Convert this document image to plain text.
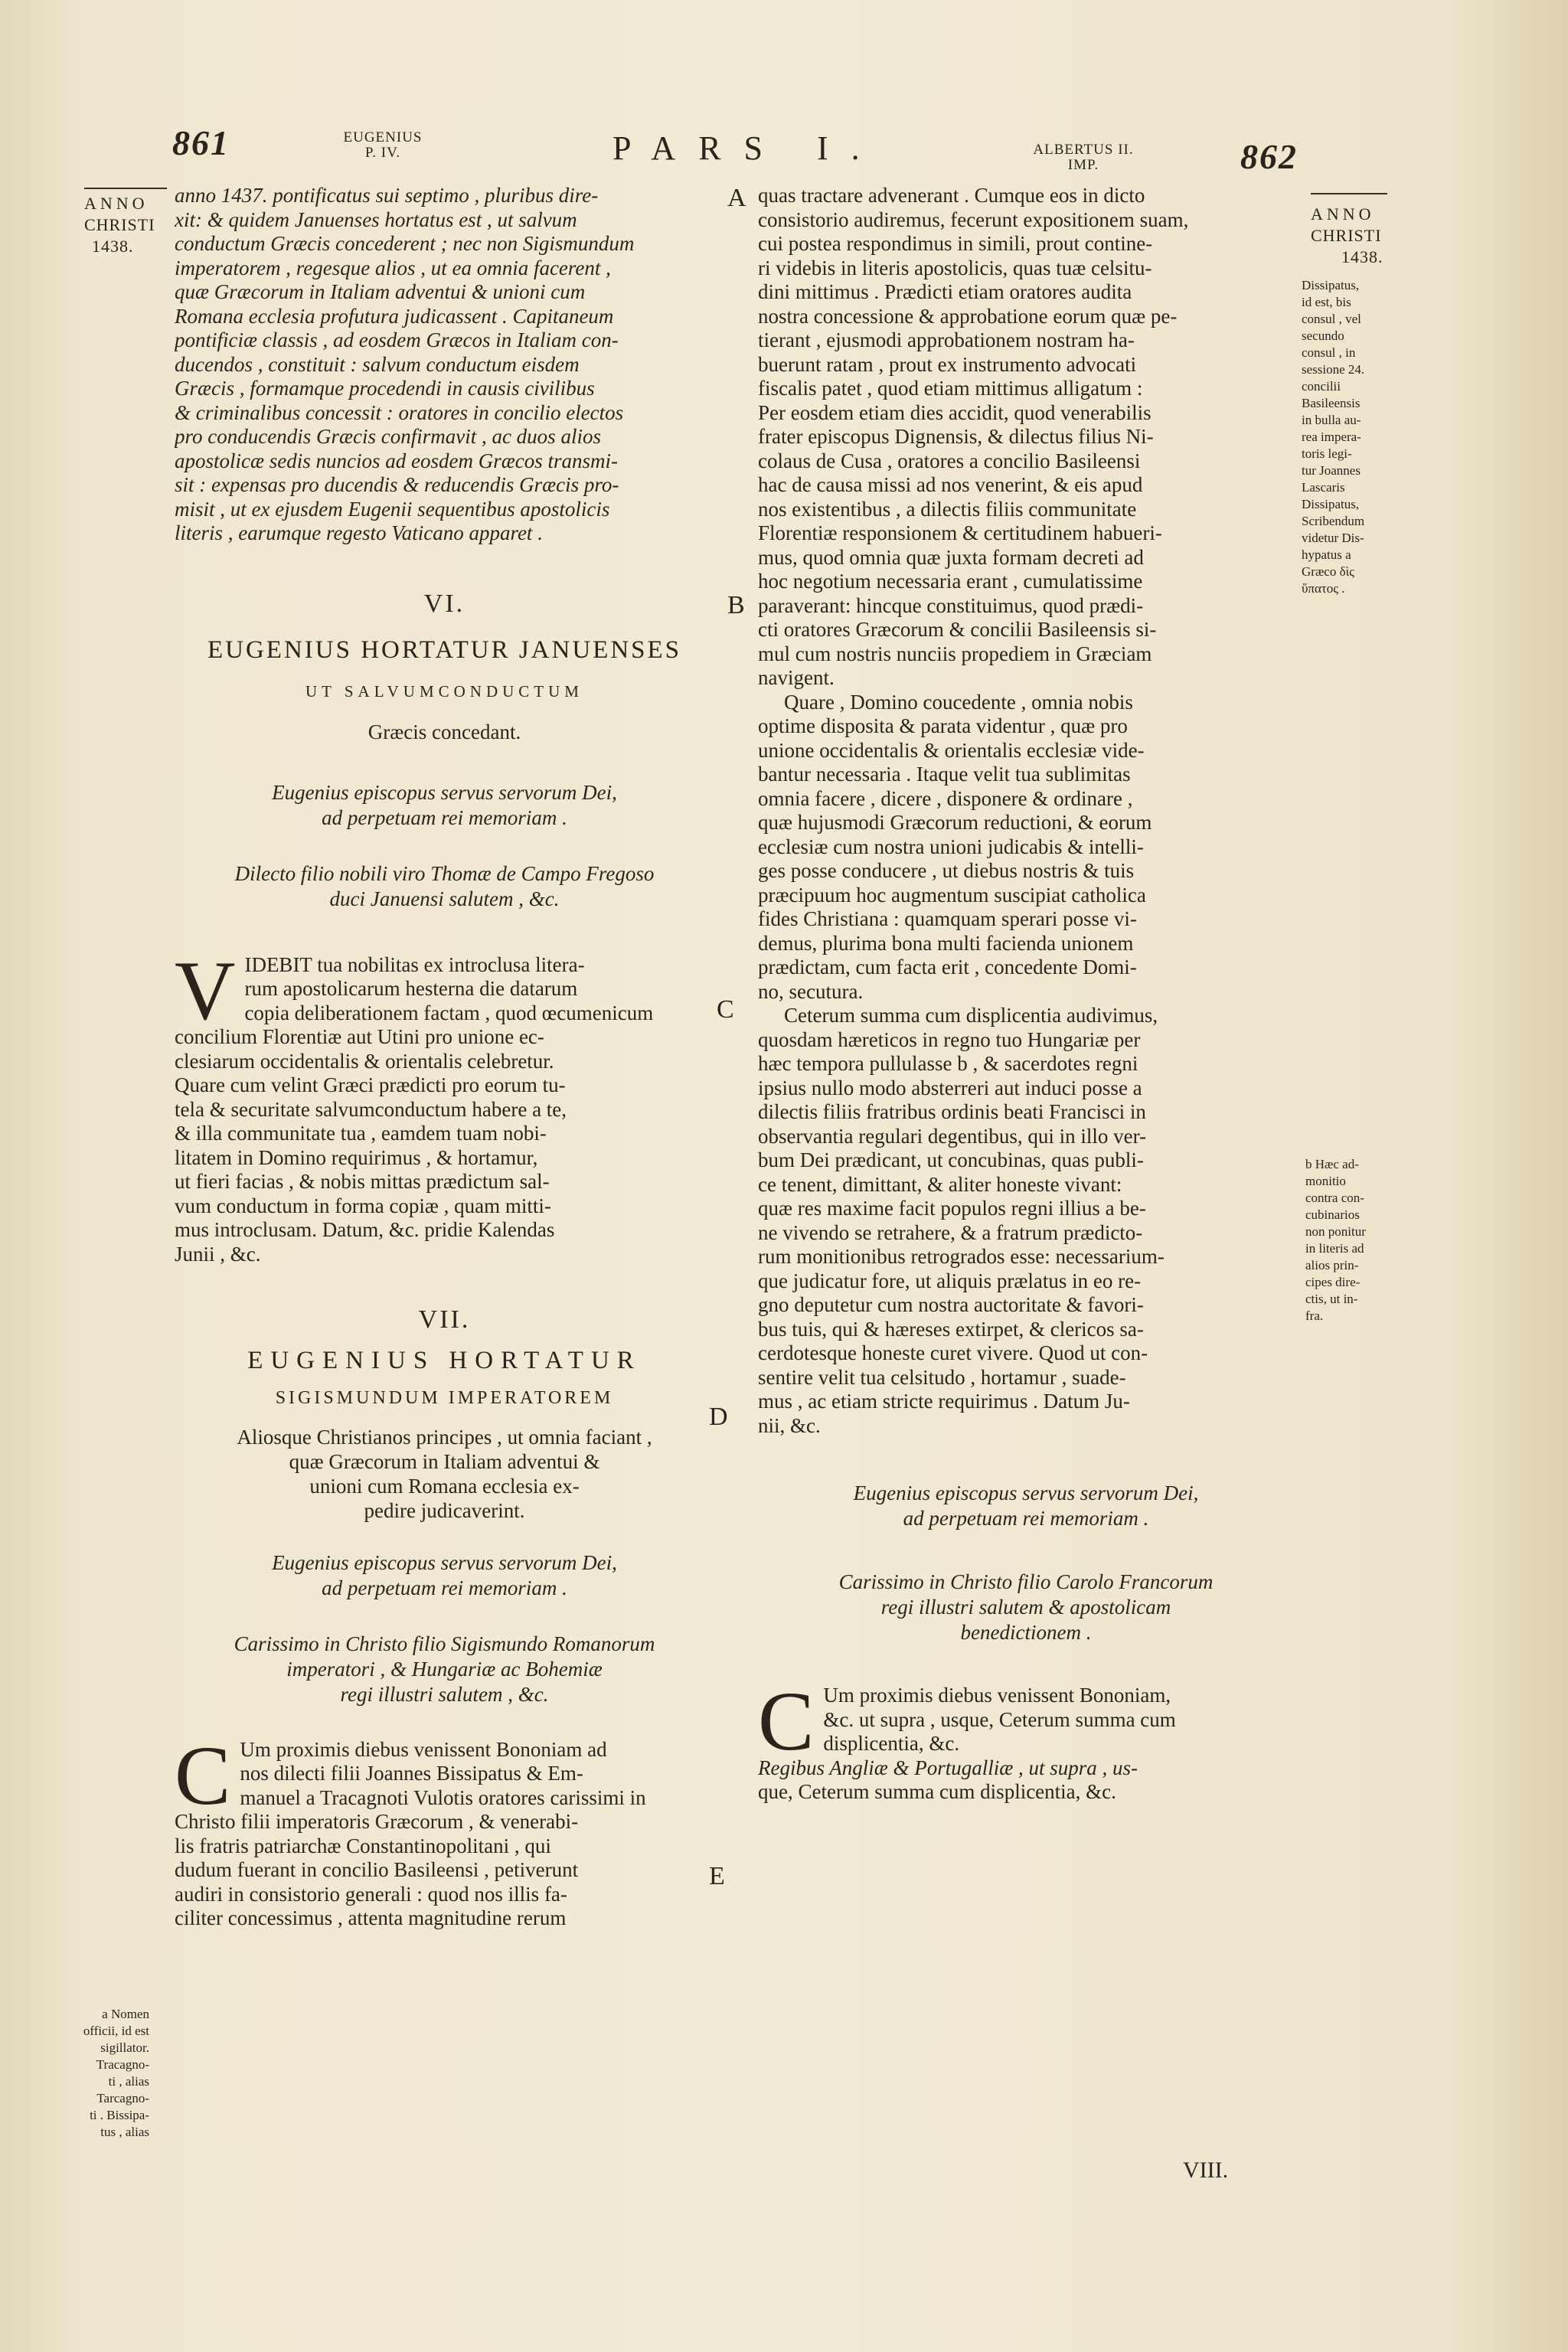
861	EUGENIUS
P. IV.	PARS I.	ALBERTUS II.
IMP.	862
ANNO
CHRISTI
1438.
a Nomen
officii, id est
sigillator.
Tracagno-
ti , alias
Tarcagno-
ti . Bissipa-
tus , alias
ANNO
CHRISTI
1438.
Dissipatus,
id est, bis
consul , vel
secundo
consul , in
sessione 24.
concilii
Basileensis
in bulla au-
rea impera-
toris legi-
tur Joannes
Lascaris
Dissipatus,
Scribendum
videtur Dis-
hypatus a
Græco δὶς
ὕπατος .
b Hæc ad-
monitio
contra con-
cubinarios
non ponitur
in literis ad
alios prin-
cipes dire-
ctis, ut in-
fra.
A
B
C
D
E
anno 1437. pontificatus sui septimo , pluribus dire-
xit: & quidem Januenses hortatus est , ut salvum
conductum Græcis concederent ; nec non Sigismundum
imperatorem , regesque alios , ut ea omnia facerent ,
quæ Græcorum in Italiam adventui & unioni cum
Romana ecclesia profutura judicassent . Capitaneum
pontificiæ classis , ad eosdem Græcos in Italiam con-
ducendos , constituit : salvum conductum eisdem
Græcis , formamque procedendi in causis civilibus
& criminalibus concessit : oratores in concilio electos
pro conducendis Græcis confirmavit , ac duos alios
apostolicæ sedis nuncios ad eosdem Græcos transmi-
sit : expensas pro ducendis & reducendis Græcis pro-
misit , ut ex ejusdem Eugenii sequentibus apostolicis
literis , earumque regesto Vaticano apparet .
VI.
EUGENIUS HORTATUR JANUENSES
UT SALVUMCONDUCTUM
Græcis concedant.
Eugenius episcopus servus servorum Dei,
ad perpetuam rei memoriam .
Dilecto filio nobili viro Thomæ de Campo Fregoso
duci Januensi salutem , &c.
V IDEBIT tua nobilitas ex introclusa litera-
rum apostolicarum hesterna die datarum
copia deliberationem factam , quod œcumenicum
concilium Florentiæ aut Utini pro unione ec-
clesiarum occidentalis & orientalis celebretur.
Quare cum velint Græci prædicti pro eorum tu-
tela & securitate salvumconductum habere a te,
& illa communitate tua , eamdem tuam nobi-
litatem in Domino requirimus , & hortamur,
ut fieri facias , & nobis mittas prædictum sal-
vum conductum in forma copiæ , quam mitti-
mus introclusam. Datum, &c. pridie Kalendas
Junii , &c.
VII.
EUGENIUS HORTATUR
SIGISMUNDUM IMPERATOREM
Aliosque Christianos principes , ut omnia faciant ,
quæ Græcorum in Italiam adventui &
unioni cum Romana ecclesia ex-
pedire judicaverint.
Eugenius episcopus servus servorum Dei,
ad perpetuam rei memoriam .
Carissimo in Christo filio Sigismundo Romanorum
imperatori , & Hungariæ ac Bohemiæ
regi illustri salutem , &c.
C Um proximis diebus venissent Bononiam ad
nos dilecti filii Joannes Bissipatus & Em-
manuel a Tracagnoti Vulotis oratores carissimi in
Christo filii imperatoris Græcorum , & venerabi-
lis fratris patriarchæ Constantinopolitani , qui
dudum fuerant in concilio Basileensi , petiverunt
audiri in consistorio generali : quod nos illis fa-
ciliter concessimus , attenta magnitudine rerum
quas tractare advenerant . Cumque eos in dicto
consistorio audiremus, fecerunt expositionem suam,
cui postea respondimus in simili, prout contine-
ri videbis in literis apostolicis, quas tuæ celsitu-
dini mittimus . Prædicti etiam oratores audita
nostra concessione & approbatione eorum quæ pe-
tierant , ejusmodi approbationem nostram ha-
buerunt ratam , prout ex instrumento advocati
fiscalis patet , quod etiam mittimus alligatum :
Per eosdem etiam dies accidit, quod venerabilis
frater episcopus Dignensis, & dilectus filius Ni-
colaus de Cusa , oratores a concilio Basileensi
hac de causa missi ad nos venerint, & eis apud
nos existentibus , a dilectis filiis communitate
Florentiæ responsionem & certitudinem habueri-
mus, quod omnia quæ juxta formam decreti ad
hoc negotium necessaria erant , cumulatissime
paraverant: hincque constituimus, quod prædi-
cti oratores Græcorum & concilii Basileensis si-
mul cum nostris nunciis propediem in Græciam
navigent.
Quare , Domino coucedente , omnia nobis
optime disposita & parata videntur , quæ pro
unione occidentalis & orientalis ecclesiæ vide-
bantur necessaria . Itaque velit tua sublimitas
omnia facere , dicere , disponere & ordinare ,
quæ hujusmodi Græcorum reductioni, & eorum
ecclesiæ cum nostra unioni judicabis & intelli-
ges posse conducere , ut diebus nostris & tuis
præcipuum hoc augmentum suscipiat catholica
fides Christiana : quamquam sperari posse vi-
demus, plurima bona multi facienda unionem
prædictam, cum facta erit , concedente Domi-
no, secutura.
Ceterum summa cum displicentia audivimus,
quosdam hæreticos in regno tuo Hungariæ per
hæc tempora pullulasse b , & sacerdotes regni
ipsius nullo modo absterreri aut induci posse a
dilectis filiis fratribus ordinis beati Francisci in
observantia regulari degentibus, qui in illo ver-
bum Dei prædicant, ut concubinas, quas publi-
ce tenent, dimittant, & aliter honeste vivant:
quæ res maxime facit populos regni illius a be-
ne vivendo se retrahere, & a fratrum prædicto-
rum monitionibus retrogrados esse: necessarium-
que judicatur fore, ut aliquis prælatus in eo re-
gno deputetur cum nostra auctoritate & favori-
bus tuis, qui & hæreses extirpet, & clericos sa-
cerdotesque honeste curet vivere. Quod ut con-
sentire velit tua celsitudo , hortamur , suade-
mus , ac etiam stricte requirimus . Datum Ju-
nii, &c.
Eugenius episcopus servus servorum Dei,
ad perpetuam rei memoriam .
Carissimo in Christo filio Carolo Francorum
regi illustri salutem & apostolicam
benedictionem .
C Um proximis diebus venissent Bononiam,
&c. ut supra , usque, Ceterum summa cum
displicentia, &c.
Regibus Angliæ & Portugalliæ , ut supra , us-
que, Ceterum summa cum displicentia, &c.
VIII.
